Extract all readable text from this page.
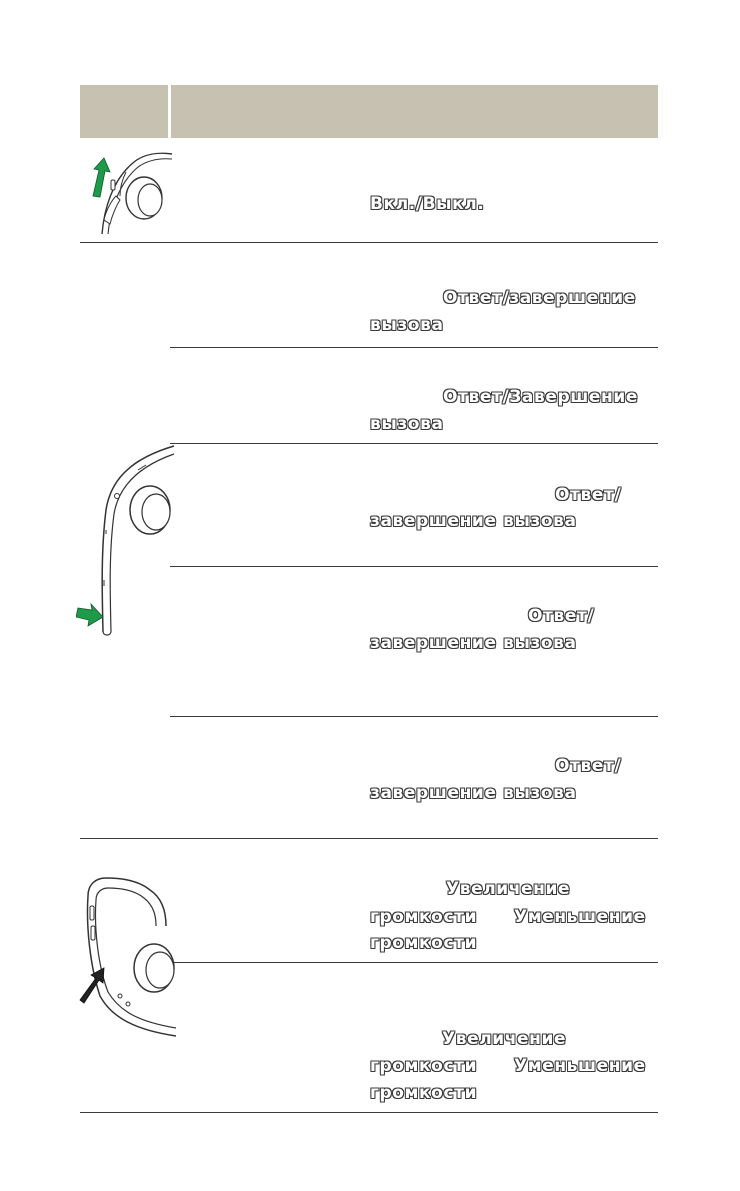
Вкл./Выкл.
Ответ/завершение
вызова
Ответ/Завершение
вызова
Ответ/
завершение вызова
Ответ/
завершение вызова
Ответ/
завершение вызова
Увеличение
громкости Уменьшение
громкости
Увеличение
громкости Уменьшение
громкости
